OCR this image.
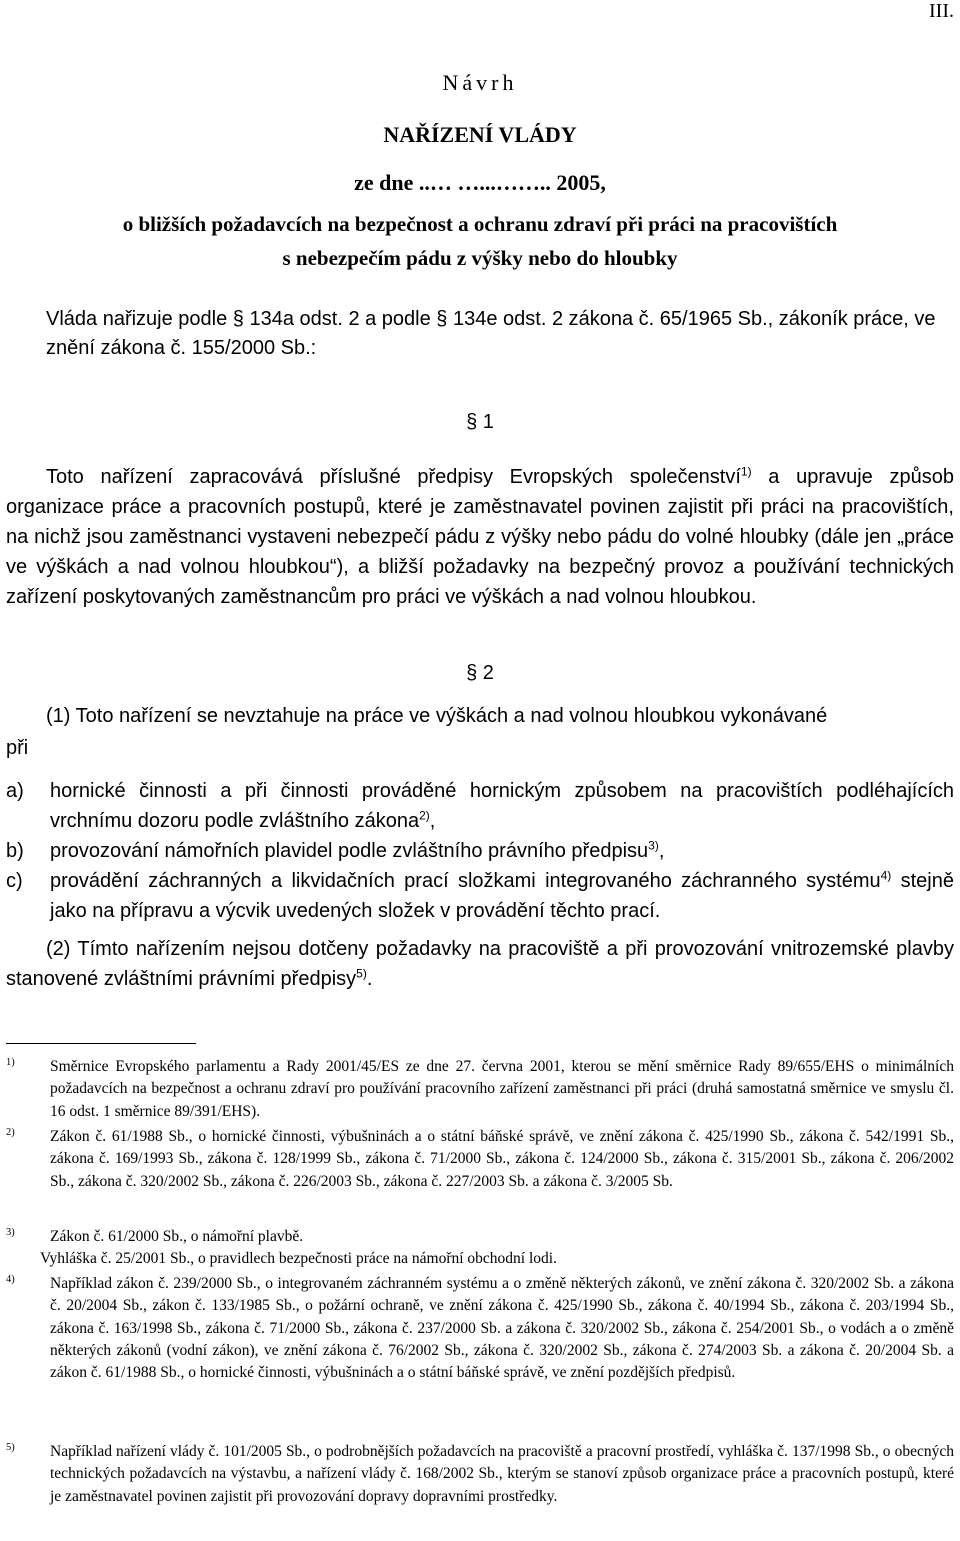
III.
Návrh
NAŘÍZENÍ VLÁDY
ze dne ..… …...…….. 2005,
o bližších požadavcích na bezpečnost a ochranu zdraví při práci na pracovištích
s nebezpečím pádu z výšky nebo do hloubky
Vláda nařizuje podle § 134a odst. 2 a podle § 134e odst. 2 zákona č. 65/1965 Sb., zákoník práce, ve znění zákona č. 155/2000 Sb.:
§ 1
Toto nařízení zapracovává příslušné předpisy Evropských společenství$^{1)}$ a upravuje způsob organizace práce a pracovních postupů, které je zaměstnavatel povinen zajistit při práci na pracovištích, na nichž jsou zaměstnanci vystaveni nebezpečí pádu z výšky nebo pádu do volné hloubky (dále jen „práce ve výškách a nad volnou hloubkou“), a bližší požadavky na bezpečný provoz a používání technických zařízení poskytovaných zaměstnancům pro práci ve výškách a nad volnou hloubkou.
§ 2
(1) Toto nařízení se nevztahuje na práce ve výškách a nad volnou hloubkou vykonávané
při
a) hornické činnosti a při činnosti prováděné hornickým způsobem na pracovištích podléhajících vrchnímu dozoru podle zvláštního zákona$^{2)}$,
b) provozování námořních plavidel podle zvláštního právního předpisu$^{3)}$,
c) provádění záchranných a likvidačních prací složkami integrovaného záchranného systému$^{4)}$ stejně jako na přípravu a výcvik uvedených složek v provádění těchto prací.
(2) Tímto nařízením nejsou dotčeny požadavky na pracoviště a při provozování vnitrozemské plavby stanovené zvláštními právními předpisy$^{5)}$.
1) Směrnice Evropského parlamentu a Rady 2001/45/ES ze dne 27. června 2001, kterou se mění směrnice Rady 89/655/EHS o minimálních požadavcích na bezpečnost a ochranu zdraví pro používání pracovního zařízení zaměstnanci při práci (druhá samostatná směrnice ve smyslu čl. 16 odst. 1 směrnice 89/391/EHS).
2) Zákon č. 61/1988 Sb., o hornické činnosti, výbušninách a o státní báňské správě, ve znění zákona č. 425/1990 Sb., zákona č. 542/1991 Sb., zákona č. 169/1993 Sb., zákona č. 128/1999 Sb., zákona č. 71/2000 Sb., zákona č. 124/2000 Sb., zákona č. 315/2001 Sb., zákona č. 206/2002 Sb., zákona č. 320/2002 Sb., zákona č. 226/2003 Sb., zákona č. 227/2003 Sb. a zákona č. 3/2005 Sb.
3) Zákon č. 61/2000 Sb., o námořní plavbě.
Vyhláška č. 25/2001 Sb., o pravidlech bezpečnosti práce na námořní obchodní lodi.
4) Například zákon č. 239/2000 Sb., o integrovaném záchranném systému a o změně některých zákonů, ve znění zákona č. 320/2002 Sb. a zákona č. 20/2004 Sb., zákon č. 133/1985 Sb., o požární ochraně, ve znění zákona č. 425/1990 Sb., zákona č. 40/1994 Sb., zákona č. 203/1994 Sb., zákona č. 163/1998 Sb., zákona č. 71/2000 Sb., zákona č. 237/2000 Sb. a zákona č. 320/2002 Sb., zákona č. 254/2001 Sb., o vodách a o změně některých zákonů (vodní zákon), ve znění zákona č. 76/2002 Sb., zákona č. 320/2002 Sb., zákona č. 274/2003 Sb. a zákona č. 20/2004 Sb. a zákon č. 61/1988 Sb., o hornické činnosti, výbušninách a o státní báňské správě, ve znění pozdějších předpisů.
5) Například nařízení vlády č. 101/2005 Sb., o podrobnějších požadavcích na pracoviště a pracovní prostředí, vyhláška č. 137/1998 Sb., o obecných technických požadavcích na výstavbu, a nařízení vlády č. 168/2002 Sb., kterým se stanoví způsob organizace práce a pracovních postupů, které je zaměstnavatel povinen zajistit při provozování dopravy dopravními prostředky.
